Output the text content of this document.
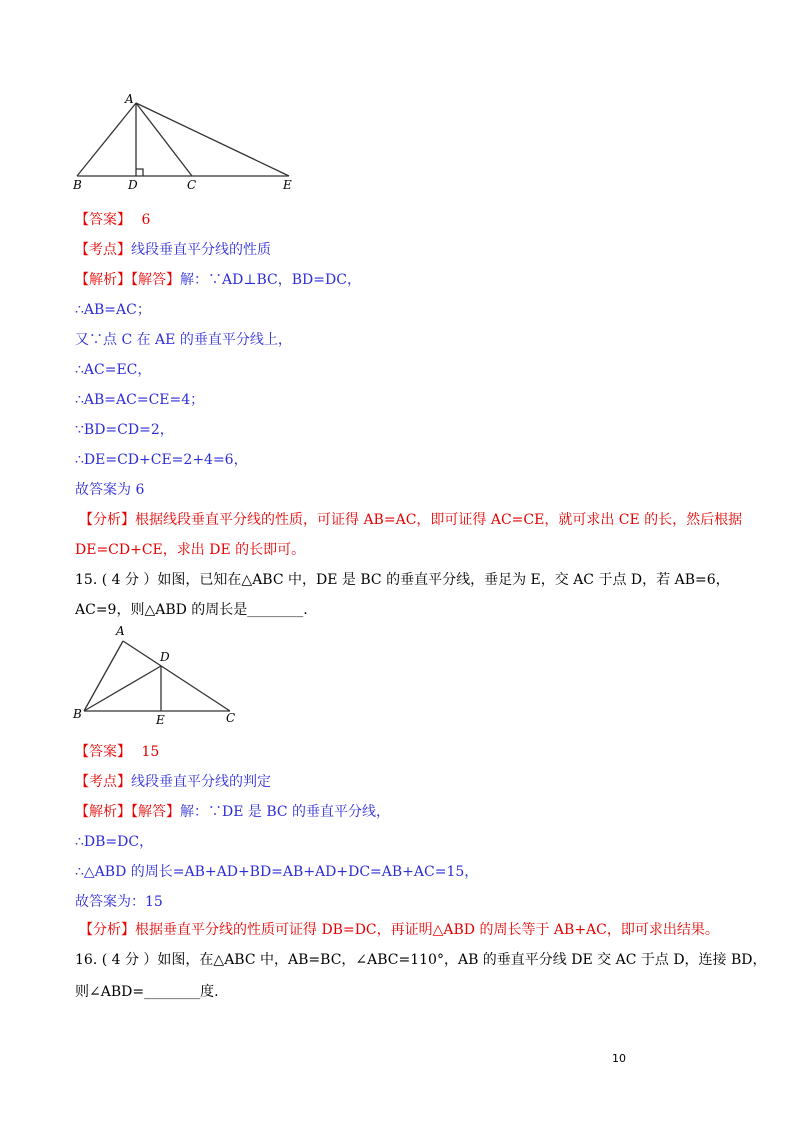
A
B	D	C	E
【答案】 6
【考点】线段垂直平分线的性质
【解析】【解答】解：∵AD⊥BC，BD=DC，
∴AB=AC；
又∵点 C 在 AE 的垂直平分线上，
∴AC=EC，
∴AB=AC=CE=4；
∵BD=CD=2，
∴DE=CD+CE=2+4=6，
故答案为 6
【分析】根据线段垂直平分线的性质，可证得 AB=AC，即可证得 AC=CE，就可求出 CE 的长，然后根据
DE=CD+CE，求出 DE 的长即可。
15. ( 4 分 ）如图，已知在△ABC 中，DE 是 BC 的垂直平分线，垂足为 E，交 AC 于点 D，若 AB=6，
AC=9，则△ABD 的周长是________.
A
D
B	E	C
【答案】 15
【考点】线段垂直平分线的判定
【解析】【解答】解：∵DE 是 BC 的垂直平分线，
∴DB=DC，
∴△ABD 的周长=AB+AD+BD=AB+AD+DC=AB+AC=15，
故答案为：15
【分析】根据垂直平分线的性质可证得 DB=DC，再证明△ABD 的周长等于 AB+AC，即可求出结果。
16. ( 4 分 ）如图，在△ABC 中，AB=BC，∠ABC=110°，AB 的垂直平分线 DE 交 AC 于点 D，连接 BD，
则∠ABD=________度.
10
